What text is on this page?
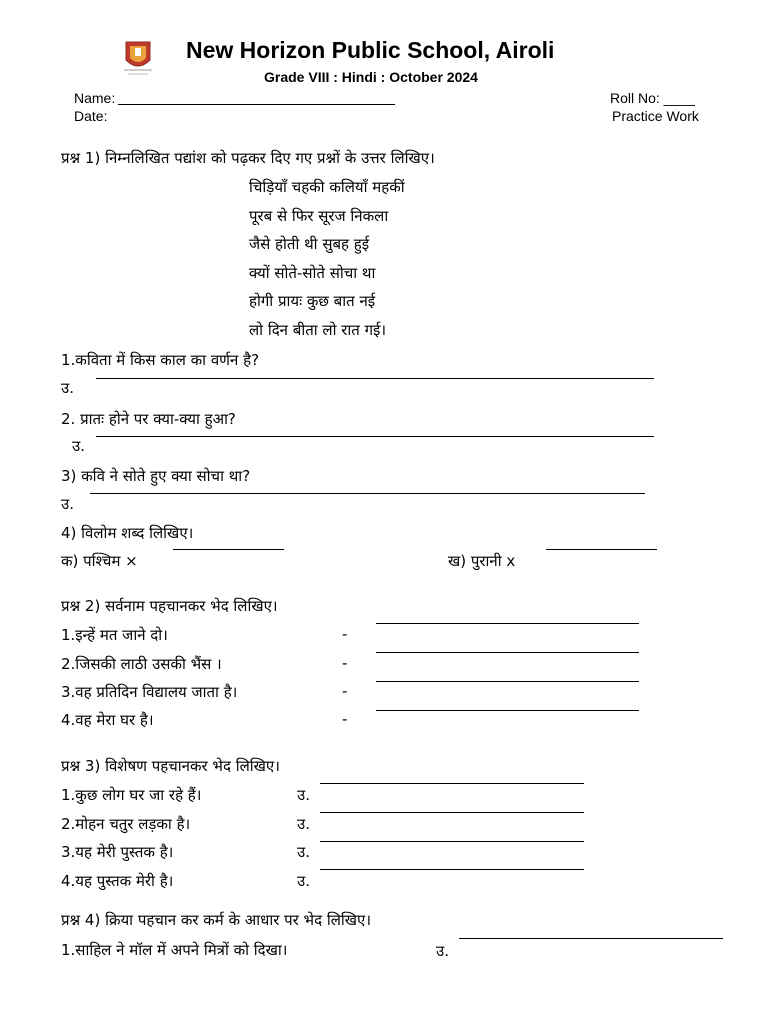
New Horizon Public School, Airoli
Grade VIII : Hindi : October 2024
Name:
Date:
Roll No: ____
Practice Work
प्रश्न 1) निम्नलिखित पद्यांश को पढ़कर दिए गए प्रश्नों के उत्तर लिखिए।
चिड़ियाँ चहकी कलियाँ महकीं
पूरब से फिर सूरज निकला
जैसे होती थी सुबह हुई
क्यों सोते-सोते सोचा था
होगी प्रायः कुछ बात नई
लो दिन बीता लो रात गई।
1.कविता में किस काल का वर्णन है?
उ.
2. प्रातः होने पर क्या-क्या हुआ?
उ.
3) कवि ने सोते हुए क्या सोचा था?
उ.
4) विलोम शब्द लिखिए।
क) पश्चिम ×	ख) पुरानी x
प्रश्न 2) सर्वनाम पहचानकर भेद लिखिए।
1.इन्हें मत जाने दो।	-
2.जिसकी लाठी उसकी भैंस ।	-
3.वह प्रतिदिन विद्यालय जाता है।	-
4.वह मेरा घर है।	-
प्रश्न 3) विशेषण पहचानकर भेद लिखिए।
1.कुछ लोग घर जा रहे हैं।	उ.
2.मोहन चतुर लड़का है।	उ.
3.यह मेरी पुस्तक है।	उ.
4.यह पुस्तक मेरी है।	उ.
प्रश्न 4) क्रिया पहचान कर कर्म के आधार पर भेद लिखिए।
1.साहिल ने मॉल में अपने मित्रों को दिखा।	उ.
